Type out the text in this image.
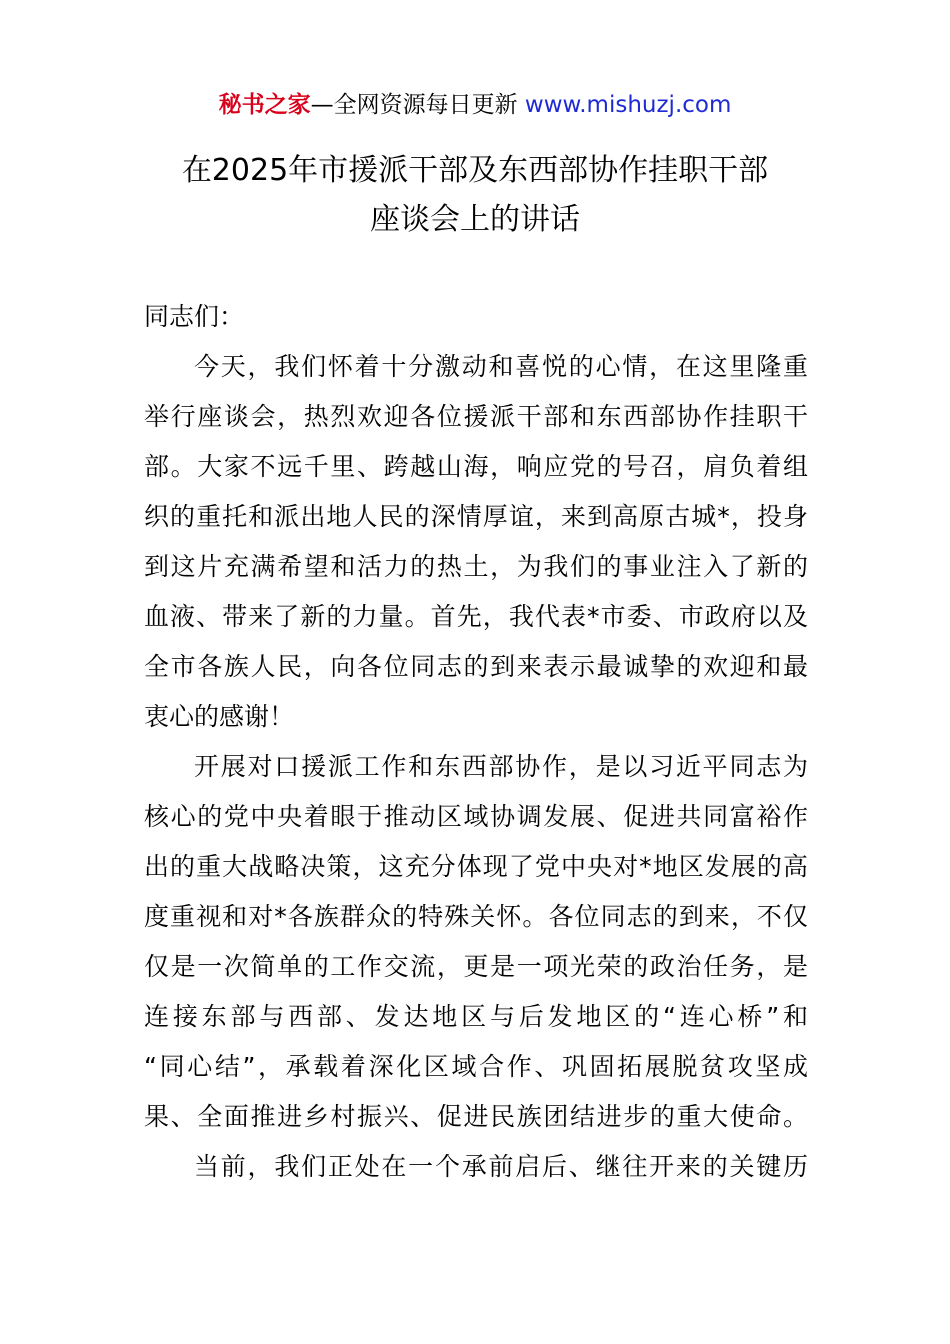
秘书之家—全网资源每日更新 www.mishuzj.com
在2025年市援派干部及东西部协作挂职干部
座谈会上的讲话
同志们：
今天，我们怀着十分激动和喜悦的心情，在这里隆重
举行座谈会，热烈欢迎各位援派干部和东西部协作挂职干
部。大家不远千里、跨越山海，响应党的号召，肩负着组
织的重托和派出地人民的深情厚谊，来到高原古城*，投身
到这片充满希望和活力的热土，为我们的事业注入了新的
血液、带来了新的力量。首先，我代表*市委、市政府以及
全市各族人民，向各位同志的到来表示最诚挚的欢迎和最
衷心的感谢！
开展对口援派工作和东西部协作，是以习近平同志为
核心的党中央着眼于推动区域协调发展、促进共同富裕作
出的重大战略决策，这充分体现了党中央对*地区发展的高
度重视和对*各族群众的特殊关怀。各位同志的到来，不仅
仅是一次简单的工作交流，更是一项光荣的政治任务，是
连接东部与西部、发达地区与后发地区的“连心桥”和
“同心结”，承载着深化区域合作、巩固拓展脱贫攻坚成
果、全面推进乡村振兴、促进民族团结进步的重大使命。
当前，我们正处在一个承前启后、继往开来的关键历
